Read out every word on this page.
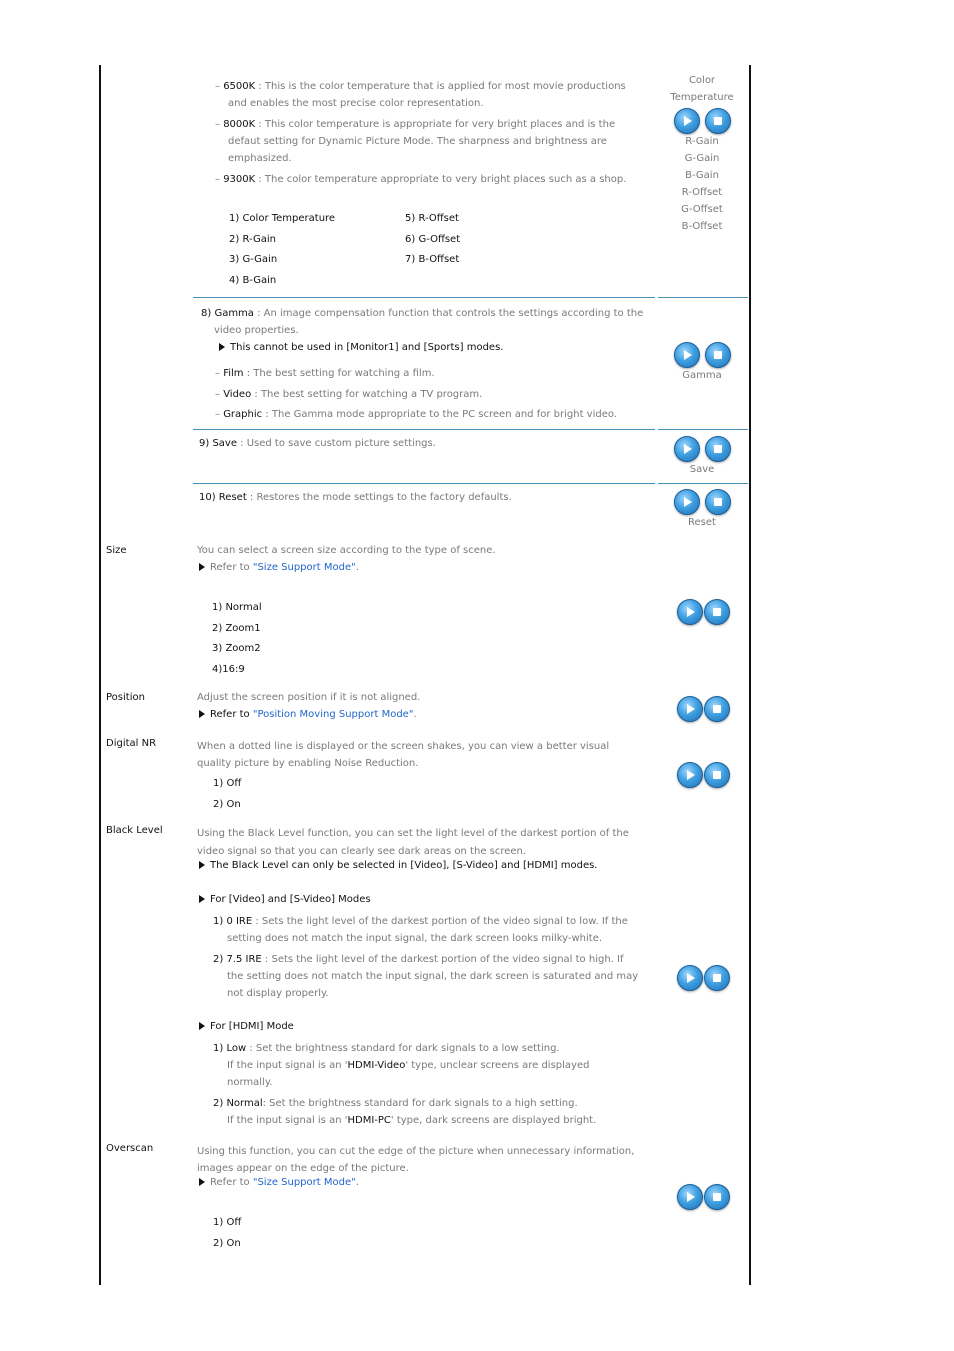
– 6500K : This is the color temperature that is applied for most movie productions
and enables the most precise color representation.
– 8000K : This color temperature is appropriate for very bright places and is the
defaut setting for Dynamic Picture Mode. The sharpness and brightness are
emphasized.
– 9300K : The color temperature appropriate to very bright places such as a shop.
1) Color Temperature
2) R-Gain
3) G-Gain
4) B-Gain
5) R-Offset
6) G-Offset
7) B-Offset
Color
Temperature
R-Gain
G-Gain
B-Gain
R-Offset
G-Offset
B-Offset
8) Gamma : An image compensation function that controls the settings according to the
video properties.
This cannot be used in [Monitor1] and [Sports] modes.
– Film : The best setting for watching a film.
– Video : The best setting for watching a TV program.
– Graphic : The Gamma mode appropriate to the PC screen and for bright video.
Gamma
9) Save : Used to save custom picture settings.
Save
10) Reset : Restores the mode settings to the factory defaults.
Reset
Size	You can select a screen size according to the type of scene.
Refer to "Size Support Mode".
1) Normal
2) Zoom1
3) Zoom2
4)16:9
Position	Adjust the screen position if it is not aligned.
Refer to "Position Moving Support Mode".
Digital NR	When a dotted line is displayed or the screen shakes, you can view a better visual
quality picture by enabling Noise Reduction.
1) Off
2) On
Black Level	Using the Black Level function, you can set the light level of the darkest portion of the
video signal so that you can clearly see dark areas on the screen.
The Black Level can only be selected in [Video], [S-Video] and [HDMI] modes.
For [Video] and [S-Video] Modes
1) 0 IRE : Sets the light level of the darkest portion of the video signal to low. If the
setting does not match the input signal, the dark screen looks milky-white.
2) 7.5 IRE : Sets the light level of the darkest portion of the video signal to high. If
the setting does not match the input signal, the dark screen is saturated and may
not display properly.
For [HDMI] Mode
1) Low : Set the brightness standard for dark signals to a low setting.
If the input signal is an 'HDMI-Video' type, unclear screens are displayed
normally.
2) Normal: Set the brightness standard for dark signals to a high setting.
If the input signal is an 'HDMI-PC' type, dark screens are displayed bright.
Overscan	Using this function, you can cut the edge of the picture when unnecessary information,
images appear on the edge of the picture.
Refer to "Size Support Mode".
1) Off
2) On
